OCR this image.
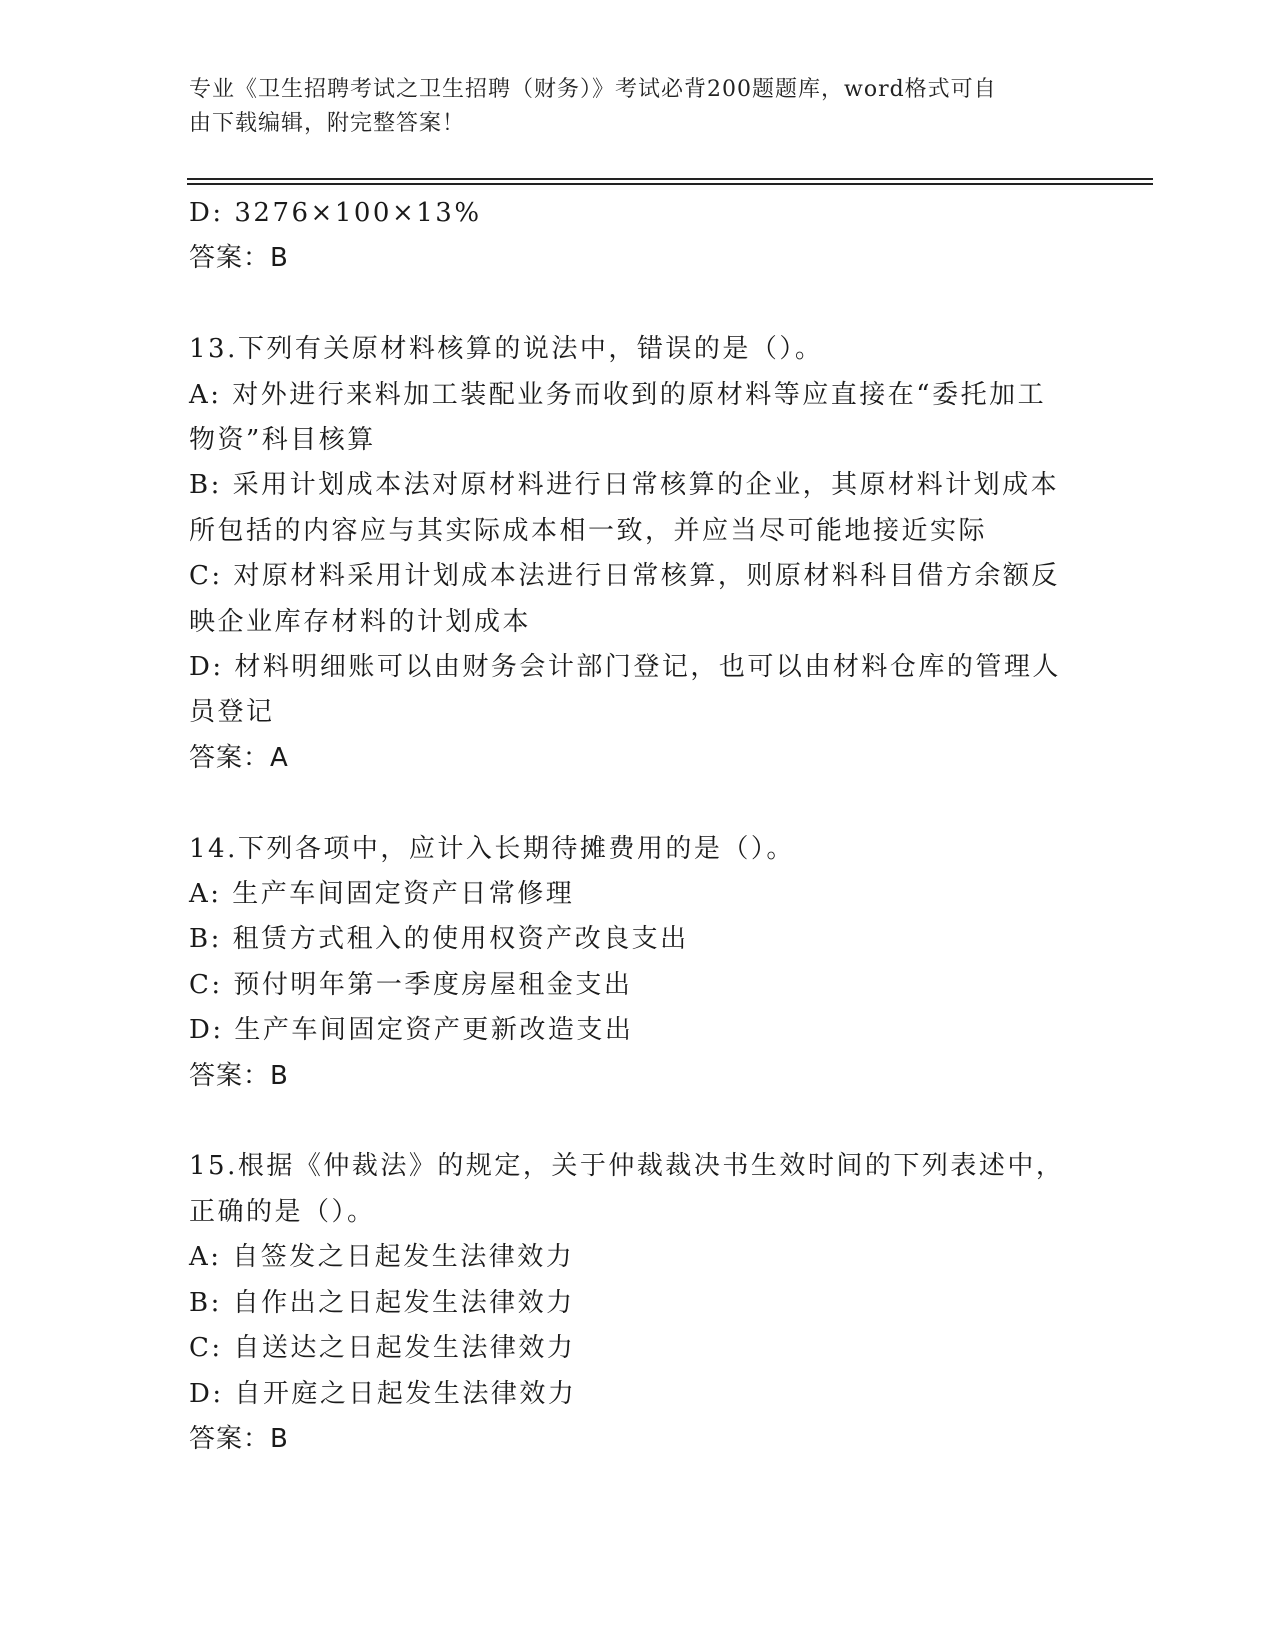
专业《卫生招聘考试之卫生招聘（财务）》考试必背200题题库，word格式可自
由下载编辑，附完整答案！
D: 3276×100×13%
答案：B
13.下列有关原材料核算的说法中，错误的是（）。
A: 对外进行来料加工装配业务而收到的原材料等应直接在“委托加工
物资”科目核算
B: 采用计划成本法对原材料进行日常核算的企业，其原材料计划成本
所包括的内容应与其实际成本相一致，并应当尽可能地接近实际
C: 对原材料采用计划成本法进行日常核算，则原材料科目借方余额反
映企业库存材料的计划成本
D: 材料明细账可以由财务会计部门登记，也可以由材料仓库的管理人
员登记
答案：A
14.下列各项中，应计入长期待摊费用的是（）。
A: 生产车间固定资产日常修理
B: 租赁方式租入的使用权资产改良支出
C: 预付明年第一季度房屋租金支出
D: 生产车间固定资产更新改造支出
答案：B
15.根据《仲裁法》的规定，关于仲裁裁决书生效时间的下列表述中，
正确的是（）。
A: 自签发之日起发生法律效力
B: 自作出之日起发生法律效力
C: 自送达之日起发生法律效力
D: 自开庭之日起发生法律效力
答案：B
